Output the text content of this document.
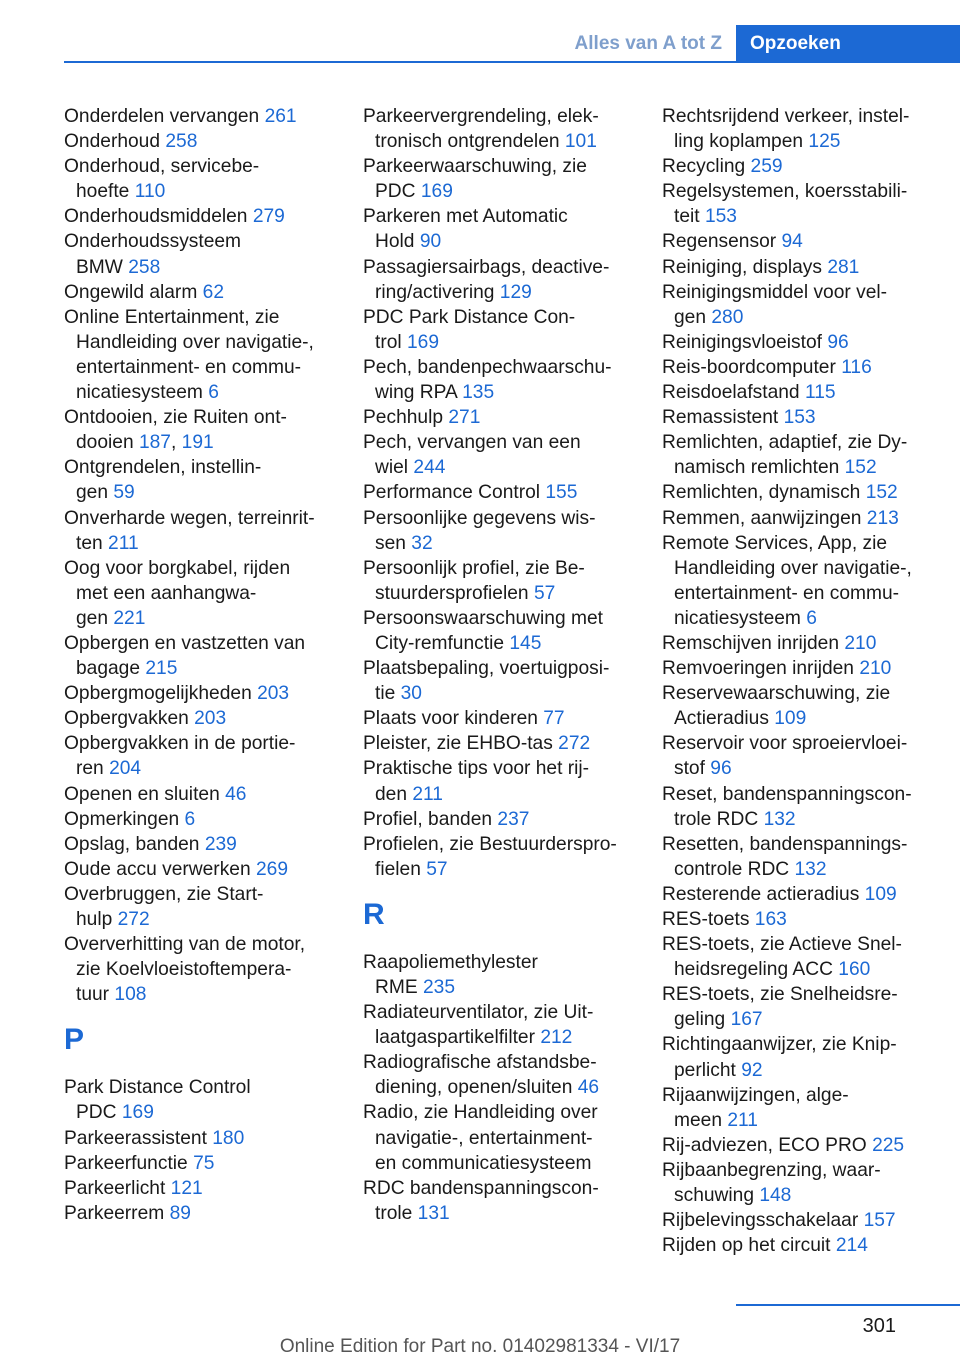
Alles van A tot Z	Opzoeken
Onderdelen vervangen 261
Onderhoud 258
Onderhoud, servicebe-
hoefte 110
Onderhoudsmiddelen 279
Onderhoudssysteem
BMW 258
Ongewild alarm 62
Online Entertainment, zie
Handleiding over navigatie-,
entertainment- en commu-
nicatiesysteem 6
Ontdooien, zie Ruiten ont-
dooien 187, 191
Ontgrendelen, instellin-
gen 59
Onverharde wegen, terreinrit-
ten 211
Oog voor borgkabel, rijden
met een aanhangwa-
gen 221
Opbergen en vastzetten van
bagage 215
Opbergmogelijkheden 203
Opbergvakken 203
Opbergvakken in de portie-
ren 204
Openen en sluiten 46
Opmerkingen 6
Opslag, banden 239
Oude accu verwerken 269
Overbruggen, zie Start-
hulp 272
Oververhitting van de motor,
zie Koelvloeistoftempera-
tuur 108
P
Park Distance Control
PDC 169
Parkeerassistent 180
Parkeerfunctie 75
Parkeerlicht 121
Parkeerrem 89
Parkeervergrendeling, elek-
tronisch ontgrendelen 101
Parkeerwaarschuwing, zie
PDC 169
Parkeren met Automatic
Hold 90
Passagiersairbags, deactive-
ring/activering 129
PDC Park Distance Con-
trol 169
Pech, bandenpechwaarschu-
wing RPA 135
Pechhulp 271
Pech, vervangen van een
wiel 244
Performance Control 155
Persoonlijke gegevens wis-
sen 32
Persoonlijk profiel, zie Be-
stuurdersprofielen 57
Persoonswaarschuwing met
City-remfunctie 145
Plaatsbepaling, voertuigposi-
tie 30
Plaats voor kinderen 77
Pleister, zie EHBO-tas 272
Praktische tips voor het rij-
den 211
Profiel, banden 237
Profielen, zie Bestuurderspro-
fielen 57
R
Raapoliemethylester
RME 235
Radiateurventilator, zie Uit-
laatgaspartikelfilter 212
Radiografische afstandsbe-
diening, openen/sluiten 46
Radio, zie Handleiding over
navigatie-, entertainment-
en communicatiesysteem
RDC bandenspanningscon-
trole 131
Rechtsrijdend verkeer, instel-
ling koplampen 125
Recycling 259
Regelsystemen, koersstabili-
teit 153
Regensensor 94
Reiniging, displays 281
Reinigingsmiddel voor vel-
gen 280
Reinigingsvloeistof 96
Reis-boordcomputer 116
Reisdoelafstand 115
Remassistent 153
Remlichten, adaptief, zie Dy-
namisch remlichten 152
Remlichten, dynamisch 152
Remmen, aanwijzingen 213
Remote Services, App, zie
Handleiding over navigatie-,
entertainment- en commu-
nicatiesysteem 6
Remschijven inrijden 210
Remvoeringen inrijden 210
Reservewaarschuwing, zie
Actieradius 109
Reservoir voor sproeiervloei-
stof 96
Reset, bandenspanningscon-
trole RDC 132
Resetten, bandenspannings-
controle RDC 132
Resterende actieradius 109
RES-toets 163
RES-toets, zie Actieve Snel-
heidsregeling ACC 160
RES-toets, zie Snelheidsre-
geling 167
Richtingaanwijzer, zie Knip-
perlicht 92
Rijaanwijzingen, alge-
meen 211
Rij-adviezen, ECO PRO 225
Rijbaanbegrenzing, waar-
schuwing 148
Rijbelevingsschakelaar 157
Rijden op het circuit 214
301
Online Edition for Part no. 01402981334 - VI/17
